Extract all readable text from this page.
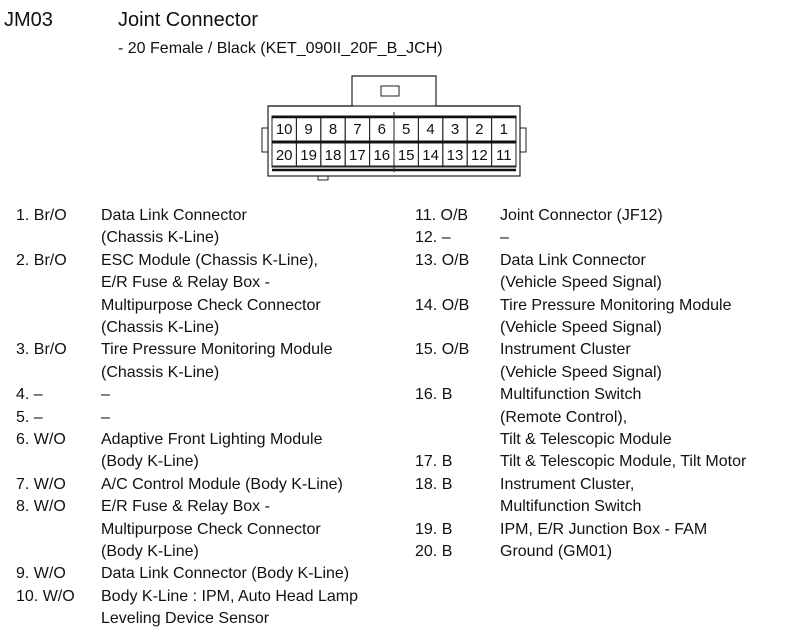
JM03	Joint Connector
- 20 Female / Black (KET_090II_20F_B_JCH)
10 9 8 7 6 5 4 3 2 1
20 19 18 17 16 15 14 13 12 11
1. Br/O Data Link Connector
(Chassis K-Line)
2. Br/O ESC Module (Chassis K-Line),
E/R Fuse & Relay Box -
Multipurpose Check Connector
(Chassis K-Line)
3. Br/O Tire Pressure Monitoring Module
(Chassis K-Line)
4. –	–
5. –	–
6. W/O Adaptive Front Lighting Module
(Body K-Line)
7. W/O A/C Control Module (Body K-Line)
8. W/O E/R Fuse & Relay Box -
Multipurpose Check Connector
(Body K-Line)
9. W/O Data Link Connector (Body K-Line)
10. W/O Body K-Line : IPM, Auto Head Lamp
Leveling Device Sensor
11. O/B Joint Connector (JF12)
12. –	–
13. O/B Data Link Connector
(Vehicle Speed Signal)
14. O/B Tire Pressure Monitoring Module
(Vehicle Speed Signal)
15. O/B Instrument Cluster
(Vehicle Speed Signal)
16. B	Multifunction Switch
(Remote Control),
Tilt & Telescopic Module
17. B	Tilt & Telescopic Module, Tilt Motor
18. B	Instrument Cluster,
Multifunction Switch
19. B	IPM, E/R Junction Box - FAM
20. B	Ground (GM01)
